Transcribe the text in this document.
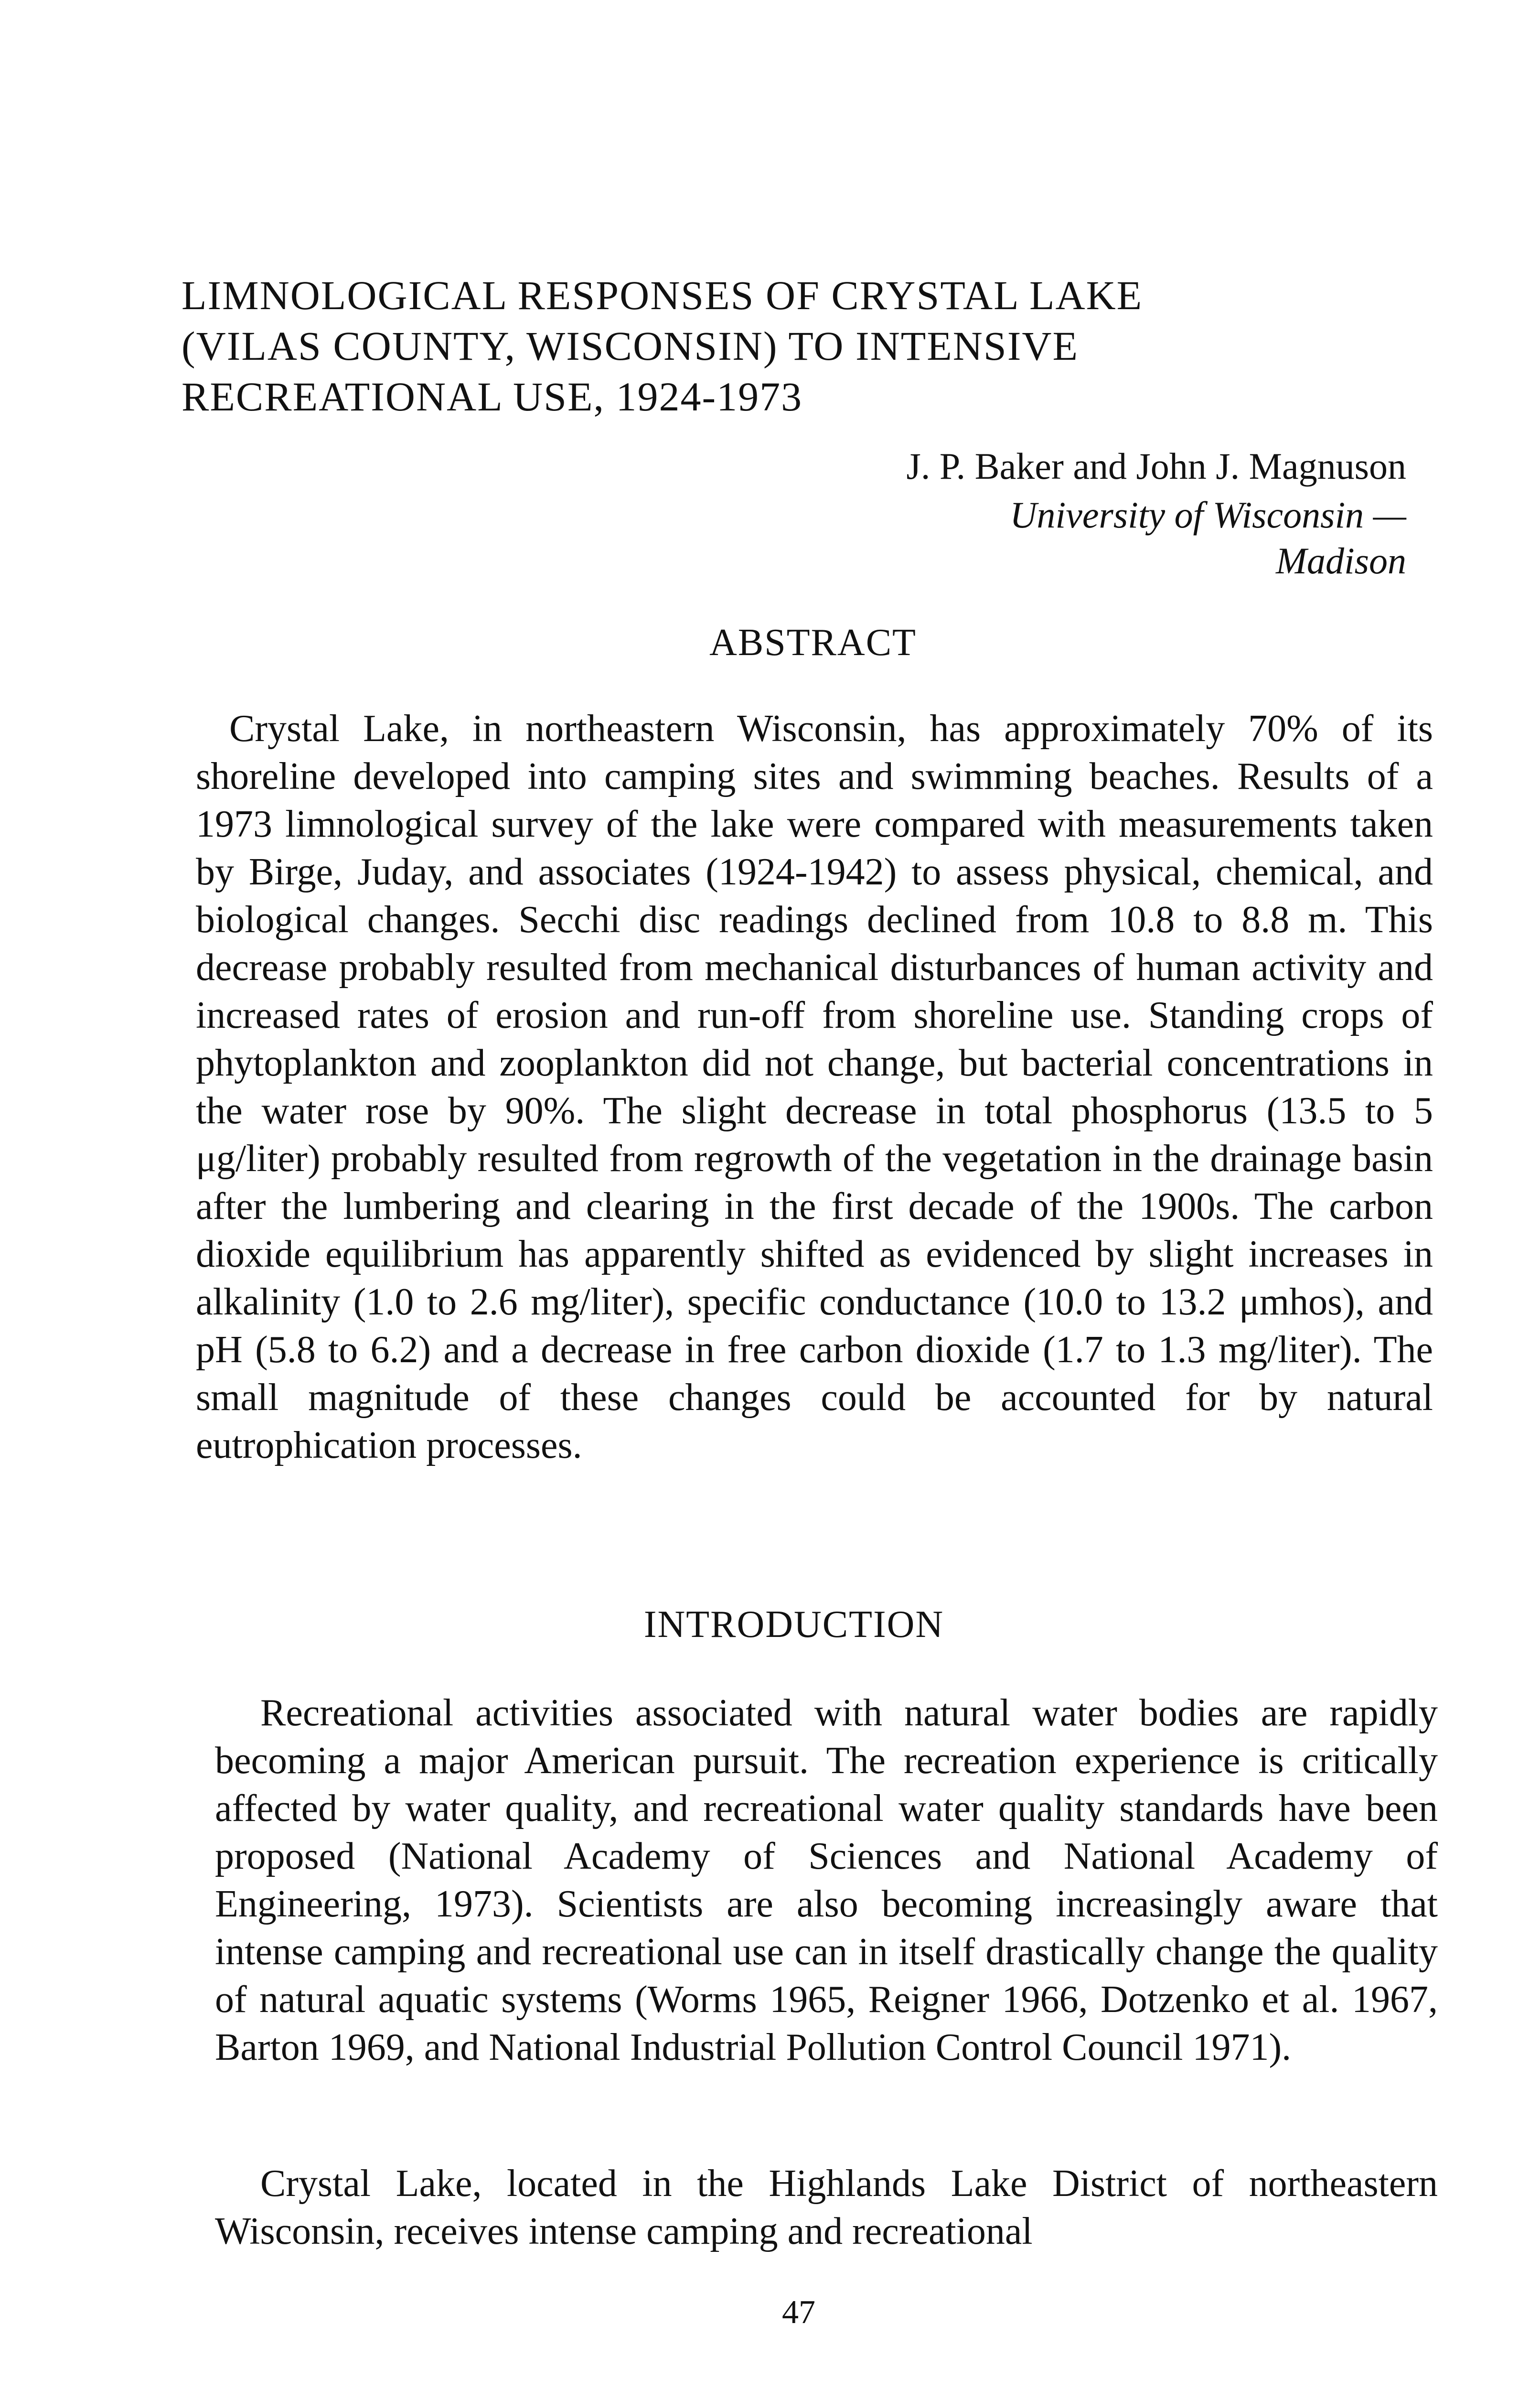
LIMNOLOGICAL RESPONSES OF CRYSTAL LAKE
(VILAS COUNTY, WISCONSIN) TO INTENSIVE
RECREATIONAL USE, 1924-1973
J. P. Baker and John J. Magnuson
University of Wisconsin —
Madison
ABSTRACT

Crystal Lake, in northeastern Wisconsin, has approximately 70% of its shoreline developed into camping sites and swimming beaches. Results of a 1973 limnological survey of the lake were compared with measurements taken by Birge, Juday, and associates (1924-1942) to assess physical, chemical, and biological changes. Secchi disc readings declined from 10.8 to 8.8 m. This decrease probably resulted from mechanical disturbances of human activity and increased rates of erosion and run-off from shoreline use. Standing crops of phytoplankton and zooplankton did not change, but bacterial concentrations in the water rose by 90%. The slight decrease in total phosphorus (13.5 to 5 μg/liter) probably resulted from regrowth of the vegetation in the drainage basin after the lumbering and clearing in the first decade of the 1900s. The carbon dioxide equilibrium has apparently shifted as evidenced by slight increases in alkalinity (1.0 to 2.6 mg/liter), specific conductance (10.0 to 13.2 μmhos), and pH (5.8 to 6.2) and a decrease in free carbon dioxide (1.7 to 1.3 mg/liter). The small magnitude of these changes could be accounted for by natural eutrophication processes.

INTRODUCTION

Recreational activities associated with natural water bodies are rapidly becoming a major American pursuit. The recreation experience is critically affected by water quality, and recreational water quality standards have been proposed (National Academy of Sciences and National Academy of Engineering, 1973). Scientists are also becoming increasingly aware that intense camping and recreational use can in itself drastically change the quality of natural aquatic systems (Worms 1965, Reigner 1966, Dotzenko et al. 1967, Barton 1969, and National Industrial Pollution Control Council 1971).

Crystal Lake, located in the Highlands Lake District of northeastern Wisconsin, receives intense camping and recreational

47
